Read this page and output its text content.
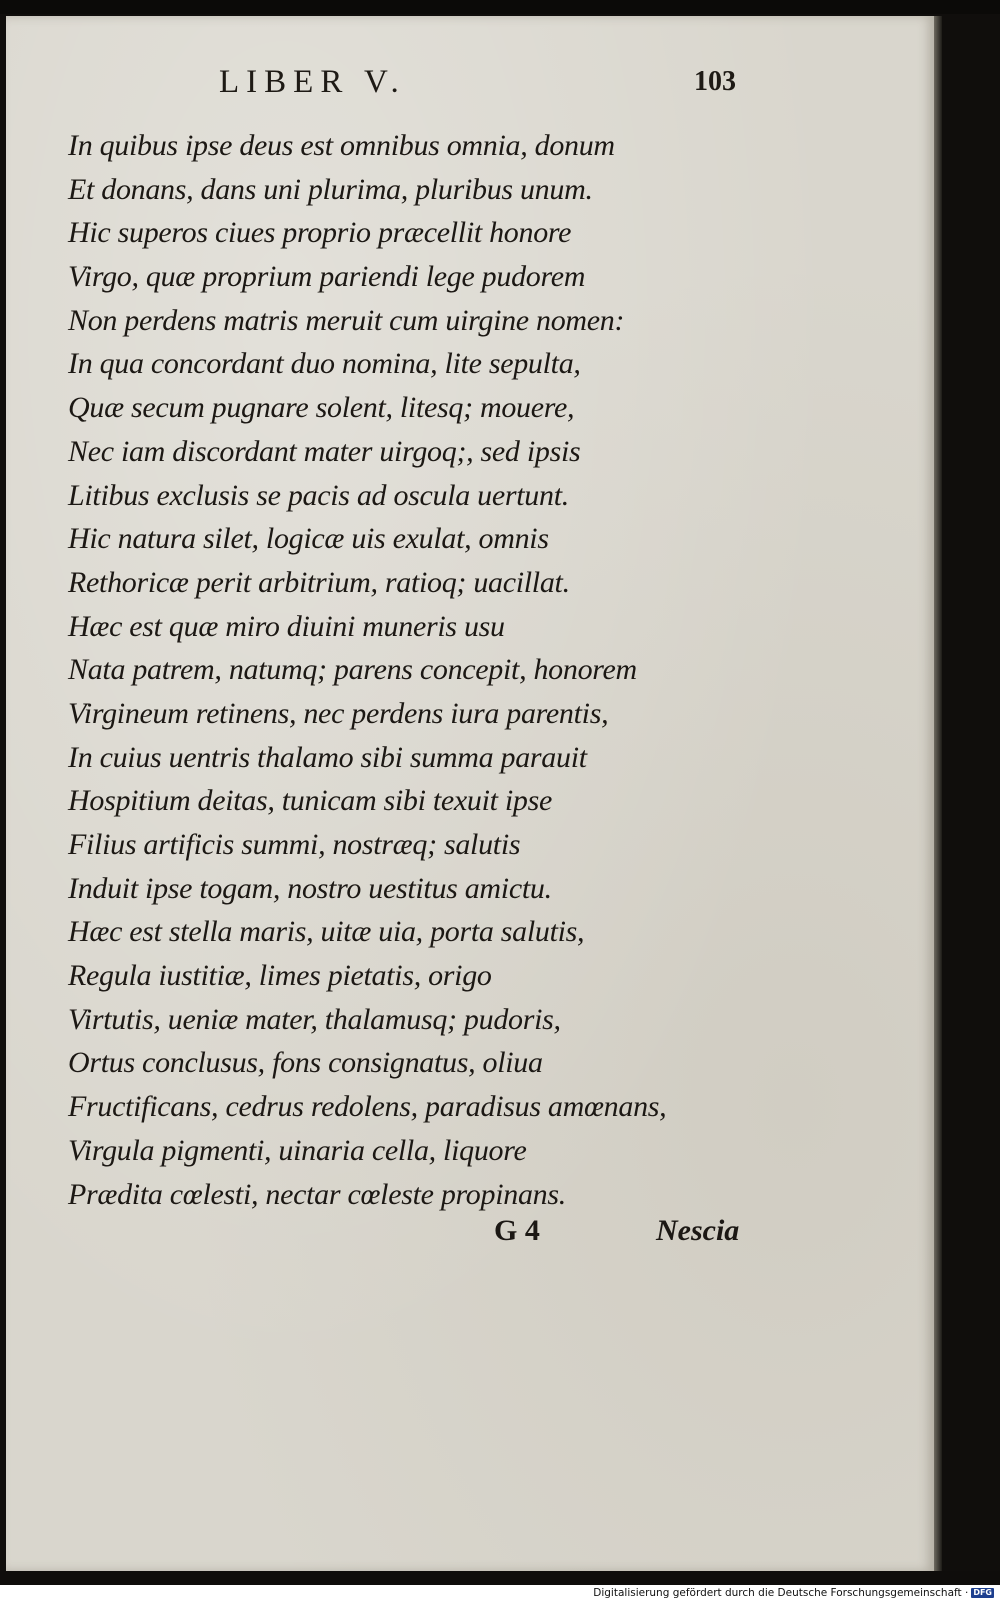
LIBER V.	103
In quibus ipse deus est omnibus omnia, donum
Et donans, dans uni plurima, pluribus unum.
Hic superos ciues proprio præcellit honore
Virgo, quæ proprium pariendi lege pudorem
Non perdens matris meruit cum uirgine nomen:
In qua concordant duo nomina, lite sepulta,
Quæ secum pugnare solent, litesq; mouere,
Nec iam discordant mater uirgoq;, sed ipsis
Litibus exclusis se pacis ad oscula uertunt.
Hic natura silet, logicæ uis exulat, omnis
Rethoricæ perit arbitrium, ratioq; uacillat.
Hæc est quæ miro diuini muneris usu
Nata patrem, natumq; parens concepit, honorem
Virgineum retinens, nec perdens iura parentis,
In cuius uentris thalamo sibi summa parauit
Hospitium deitas, tunicam sibi texuit ipse
Filius artificis summi, nostræq; salutis
Induit ipse togam, nostro uestitus amictu.
Hæc est stella maris, uitæ uia, porta salutis,
Regula iustitiæ, limes pietatis, origo
Virtutis, ueniæ mater, thalamusq; pudoris,
Ortus conclusus, fons consignatus, oliua
Fructificans, cedrus redolens, paradisus amœnans,
Virgula pigmenti, uinaria cella, liquore
Prædita cœlesti, nectar cœleste propinans.
G 4	Nescia
Digitalisierung gefördert durch die Deutsche Forschungsgemeinschaft · DFG
